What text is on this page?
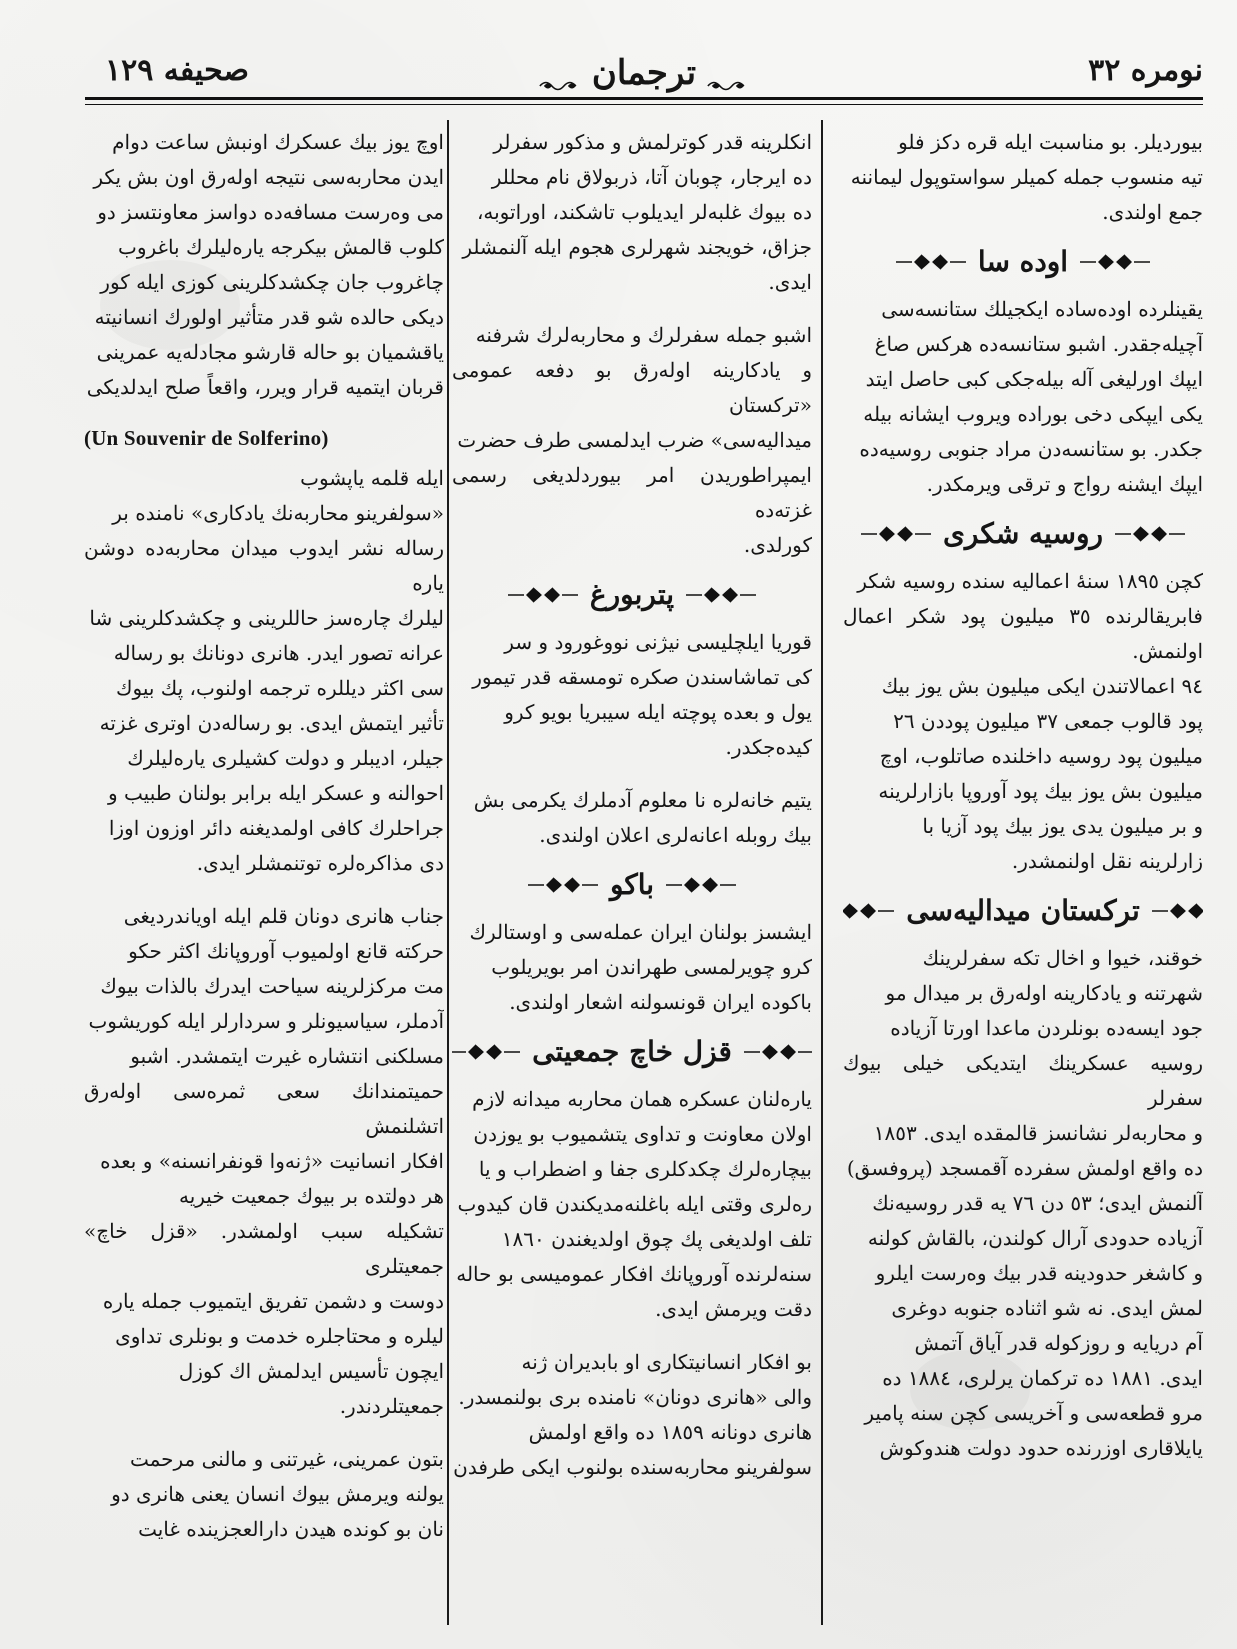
صحيفه ١٢٩	ترجمان	نومره ٣٢

بيوردیلر. بو مناسبت ایله قره دكز فلو
تیه منسوب جمله كميلر سواستوپول لیماننه
جمع اولندی.

اوده سا

یقينلرده اوده‌ساده ایكجیلك ستانسه‌سی
آچیله‌جقدر. اشبو ستانسه‌ده هركس صاغ
ایپك اورلیغی آله بیله‌جكی كبی حاصل ایتد
یكی ایپكی دخی بوراده ویروب ایشانه بیله
جكدر. بو ستانسه‌دن مراد جنوبی روسیه‌ده
ایپك ایشنه رواج و ترقی ویرمكدر.

روسیه شكری

كچن ١٨٩٥ سنهٔ اعمالیه سنده روسیه شكر
فابریقالرنده ٣٥ میلیون پود شكر اعمال اولنمش.
٩٤ اعمالاتندن ایكی میلیون بش یوز بیك
پود قالوب جمعی ٣٧ میلیون پوددن ٢٦
میلیون پود روسیه داخلنده صاتلوب، اوچ
میلیون بش یوز بیك پود آوروپا بازارلرینه
و بر میلیون یدی یوز بیك پود آزیا با‌
زارلرینه نقل اولنمشدر.

تركستان میدالیه‌سی

خوقند، خیوا و اخال تكه سفرلرینك
شهرتنه و یادكارینه اوله‌رق بر میدال مو
جود ایسه‌ده بونلردن ماعدا اورتا آزیاده
روسیه عسكرینك ایتدیكی خیلی بیوك سفرلر
و محاربه‌لر نشانسز قالمقده ایدی. ١٨٥٣
ده واقع اولمش سفرده آقمسجد (پروفسق)
آلنمش ایدی؛ ٥٣ دن ٧٦ یه قدر روسیه‌نك
آزیاده حدودی آرال كولندن، بالقاش كولنه
و كاشغر حدودینه قدر بیك وه‌رست ایلرو
لمش ایدی. نه شو اثناده جنوبه دوغری
آم دریایه و روزكوله قدر آیاق آتمش
ایدی. ١٨٨١ ده تركمان یرلری، ١٨٨٤ ده
مرو قطعه‌سی و آخریسی كچن سنه پامیر
یایلاقاری اوزرنده حدود دولت هندوكوش

انكلرینه قدر كوترلمش و مذكور سفرلر
ده ایرجار، چوبان آتا، ذربولاق نام محللر
ده بیوك غلبه‌لر ایدیلوب تاشكند، اوراتوبه،
جزاق، خویجند شهرلری هجوم ایله آلنمشلر
ایدی.

اشبو جمله سفرلرك و محاربه‌لرك شرفنه
و یادكارینه اوله‌رق بو دفعه عمومی «تركستان
میدالیه‌سی» ضرب ایدلمسی طرف حضرت
ایمپراطوریدن امر بیوردلدیغی رسمی غزته‌ده
كورلدی.

پتربورغ

قوریا ایلچلیسی نیژنی نووغورود و سر
كی تماشاسندن صكره تومسقه قدر تیمور
یول و بعده پوچته ایله سیبریا بویو كرو
كیده‌جكدر.

یتیم خانه‌لره نا معلوم آدملرك یكرمی بش
بیك روبله اعانه‌لری اعلان اولندی.

باكو

ایشسز بولنان ایران عمله‌سی و اوستالرك
كرو چویرلمسی طهراندن امر بویریلوب
باكوده ایران قونسولنه اشعار اولندی.

قزل خاچ جمعیتی

یاره‌لنان عسكره همان محاربه میدانه لازم
اولان معاونت و تداوی یتشمیوب بو یوزدن
بیچاره‌لرك چكدكلری جفا و اضطراب و یا
ره‌لری وقتی ایله باغلنه‌مدیكندن قان كیدوب
تلف اولدیغی پك چوق اولدیغندن ١٨٦٠
سنه‌لرنده آوروپانك افكار عمومیسی بو حاله
دقت ویرمش ایدی.

بو افكار انسانیتكاری او بابدیران ژنه
والی «هانری دونان» نامنده بری بولنمسدر.
هانری دونانه ١٨٥٩ ده واقع اولمش
سولفرینو محاربه‌سنده بولنوب ایكی طرفدن

اوچ یوز بیك عسكرك اونبش ساعت دوام
ایدن محاربه‌سی نتیجه اوله‌رق اون بش یكر
می وه‌رست مسافه‌ده دواسز معاونتسز دو‌
كلوب قالمش بیكرجه یاره‌لیلرك باغروب
چاغروب جان چكشدكلرینی كوزی ایله كور
دیكی حالده شو قدر متأثیر اولورك انسانیته
یاقشمیان بو حاله قارشو مجادله‌یه عمرینی
قربان ایتمیه قرار ویرر، واقعاً صلح ایدلدیكی

(Un Souvenir de Solferino)

ایله قلمه یاپشوب
«سولفرینو محاربه‌نك یادكاری» نامنده بر
رساله نشر ایدوب میدان محاربه‌ده دوشن یاره
لیلرك چاره‌سز حاللرینی و چكشدكلرینی شا‌
عرانه تصور ایدر. هانری دونانك بو رساله
سی اكثر دیللره ترجمه اولنوب، پك بیوك
تأثیر ایتمش ایدی. بو رساله‌دن اوتری غزته
جیلر، ادیبلر و دولت كشیلری یاره‌لیلرك
احوالنه و عسكر ایله برابر بولنان طبیب و
جراحلرك كافی اولمدیغنه دائر اوزون اوزا
دی مذاكره‌لره توتنمشلر ایدی.

جناب هانری دونان قلم ایله اویاندردیغی
حركته قانع اولمیوب آوروپانك اكثر حكو
مت مركزلرینه سیاحت ایدرك بالذات بیوك
آدملر، سیاسیونلر و سردارلر ایله كوریشوب
مسلكنی انتشاره غیرت ایتمشدر. اشبو
حمیتمندانك سعی ثمره‌سی اوله‌رق اتشلنمش
افكار انسانیت «ژنه‌وا قونفرانسنه» و بعده
هر دولتده بر بیوك جمعیت خیریه
تشكیله سبب اولمشدر. «قزل خاچ» جمعیتلری
دوست و دشمن تفریق ایتمیوب جمله یاره
لیلره و محتاجلره خدمت و بونلری تداوی
ایچون تأسیس ایدلمش اك كوزل
جمعیتلردندر.

بتون عمرینی، غیرتنی و مالنی مرحمت
یولنه ویرمش بیوك انسان یعنی هانری دو
نان بو كونده هیدن دارالعجزینده غایت
